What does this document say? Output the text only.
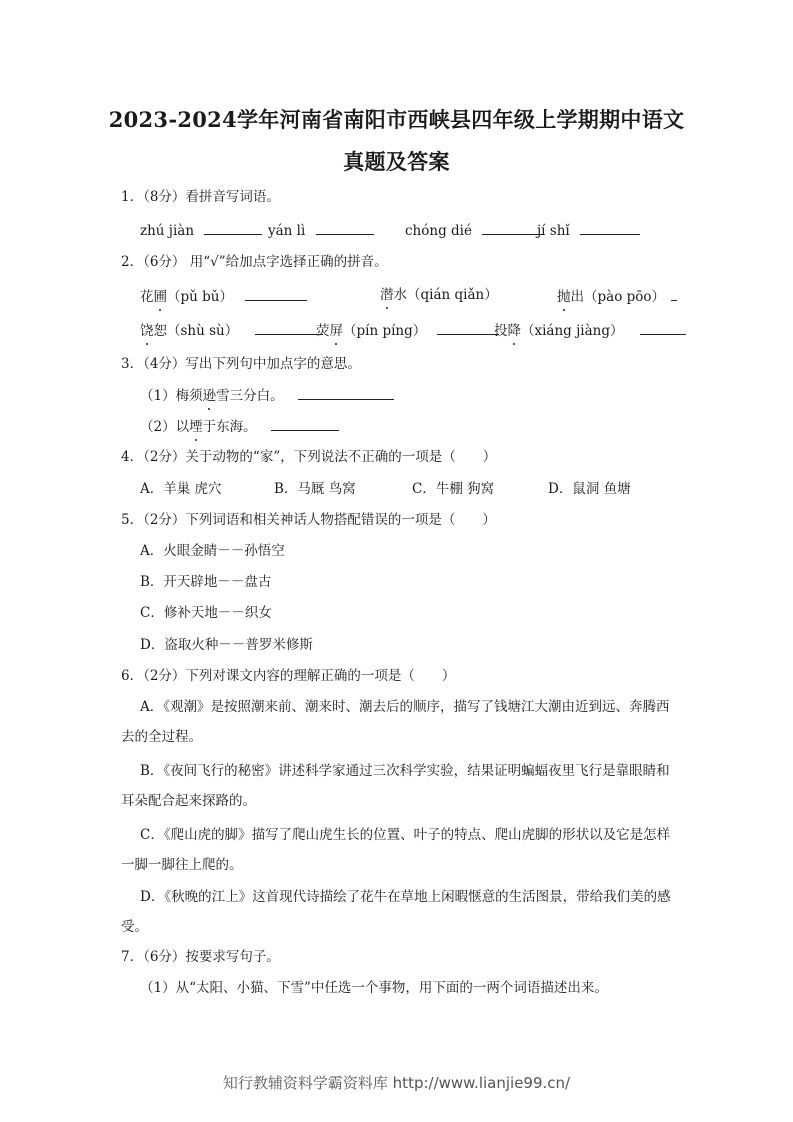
2023-2024学年河南省南阳市西峡县四年级上学期期中语文
真题及答案
1．（8分）看拼音写词语。
zhú jiàn	yán lì	chóng dié	jí shǐ
2．（6分） 用“√”给加点字选择正确的拼音。
花圃（pǔ bǔ）	潜水（qián qiǎn）	抛出（pào pōo）
饶恕（shù sù）	荧屏（pín píng）	投降（xiáng jiàng）
3．（4分）写出下列句中加点字的意思。
（1）梅须逊雪三分白。
（2）以堙于东海。
4．（2分）关于动物的“家”，下列说法不正确的一项是（　　）
A．羊巢 虎穴	B．马厩 鸟窝	C．牛棚 狗窝	D．鼠洞 鱼塘
5．（2分）下列词语和相关神话人物搭配错误的一项是（　　）
A．火眼金睛－－孙悟空
B．开天辟地－－盘古
C．修补天地－－织女
D．盗取火种－－普罗米修斯
6．（2分）下列对课文内容的理解正确的一项是（　　）
A．《观潮》是按照潮来前、潮来时、潮去后的顺序，描写了钱塘江大潮由近到远、奔腾西去的全过程。
B．《夜间飞行的秘密》讲述科学家通过三次科学实验，结果证明蝙蝠夜里飞行是靠眼睛和耳朵配合起来探路的。
C．《爬山虎的脚》描写了爬山虎生长的位置、叶子的特点、爬山虎脚的形状以及它是怎样一脚一脚往上爬的。
D．《秋晚的江上》这首现代诗描绘了花牛在草地上闲暇惬意的生活图景，带给我们美的感受。
7．（6分）按要求写句子。
（1）从“太阳、小猫、下雪”中任选一个事物，用下面的一两个词语描述出来。
知行教辅资料学霸资料库 http://www.lianjie99.cn/
